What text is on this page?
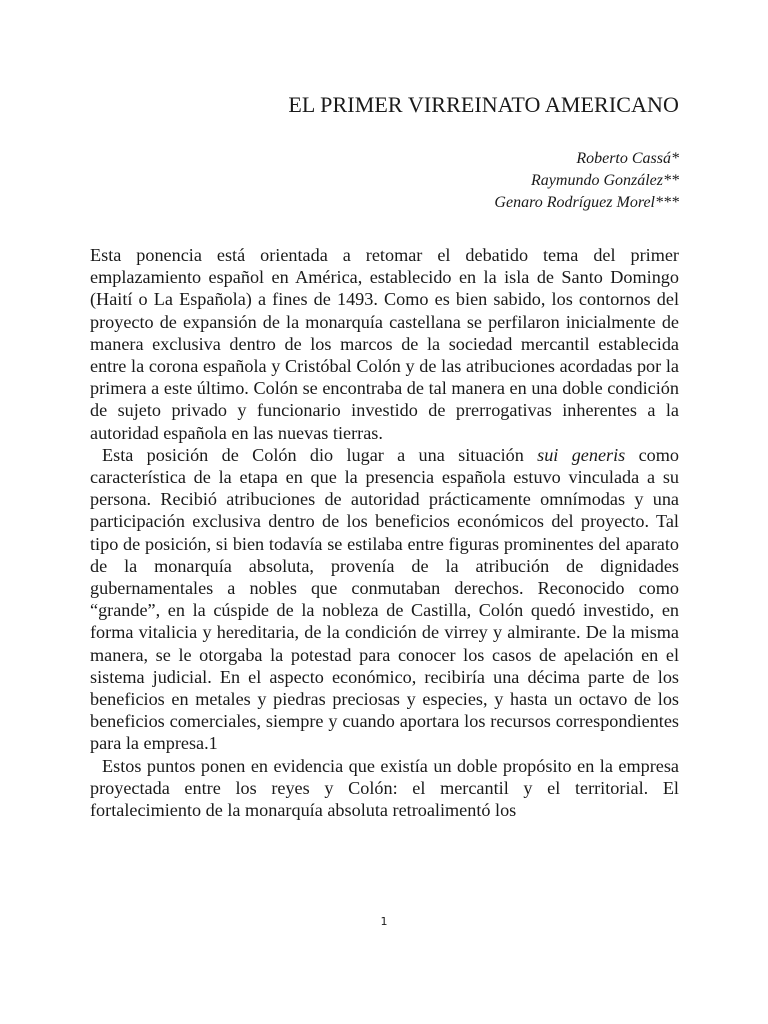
EL PRIMER VIRREINATO AMERICANO
Roberto Cassá*
Raymundo González**
Genaro Rodríguez Morel***

Esta ponencia está orientada a retomar el debatido tema del primer emplazamiento español en América, establecido en la isla de Santo Domingo (Haití o La Española) a fines de 1493. Como es bien sabido, los contornos del proyecto de expansión de la monarquía castellana se perfilaron inicialmente de manera exclusiva dentro de los marcos de la sociedad mercantil establecida entre la corona española y Cristóbal Colón y de las atribuciones acordadas por la primera a este último. Colón se encontraba de tal manera en una doble condición de sujeto privado y funcionario investido de prerrogativas inherentes a la autoridad española en las nuevas tierras.

Esta posición de Colón dio lugar a una situación sui generis como característica de la etapa en que la presencia española estuvo vinculada a su persona. Recibió atribuciones de autoridad prácticamente omnímodas y una participación exclusiva dentro de los beneficios económicos del proyecto. Tal tipo de posición, si bien todavía se estilaba entre figuras prominentes del aparato de la monarquía absoluta, provenía de la atribución de dignidades gubernamentales a nobles que conmutaban derechos. Reconocido como “grande”, en la cúspide de la nobleza de Castilla, Colón quedó investido, en forma vitalicia y hereditaria, de la condición de virrey y almirante. De la misma manera, se le otorgaba la potestad para conocer los casos de apelación en el sistema judicial. En el aspecto económico, recibiría una décima parte de los beneficios en metales y piedras preciosas y especies, y hasta un octavo de los beneficios comerciales, siempre y cuando aportara los recursos correspondientes para la empresa.1

Estos puntos ponen en evidencia que existía un doble propósito en la empresa proyectada entre los reyes y Colón: el mercantil y el territorial. El fortalecimiento de la monarquía absoluta retroalimentó los

1
